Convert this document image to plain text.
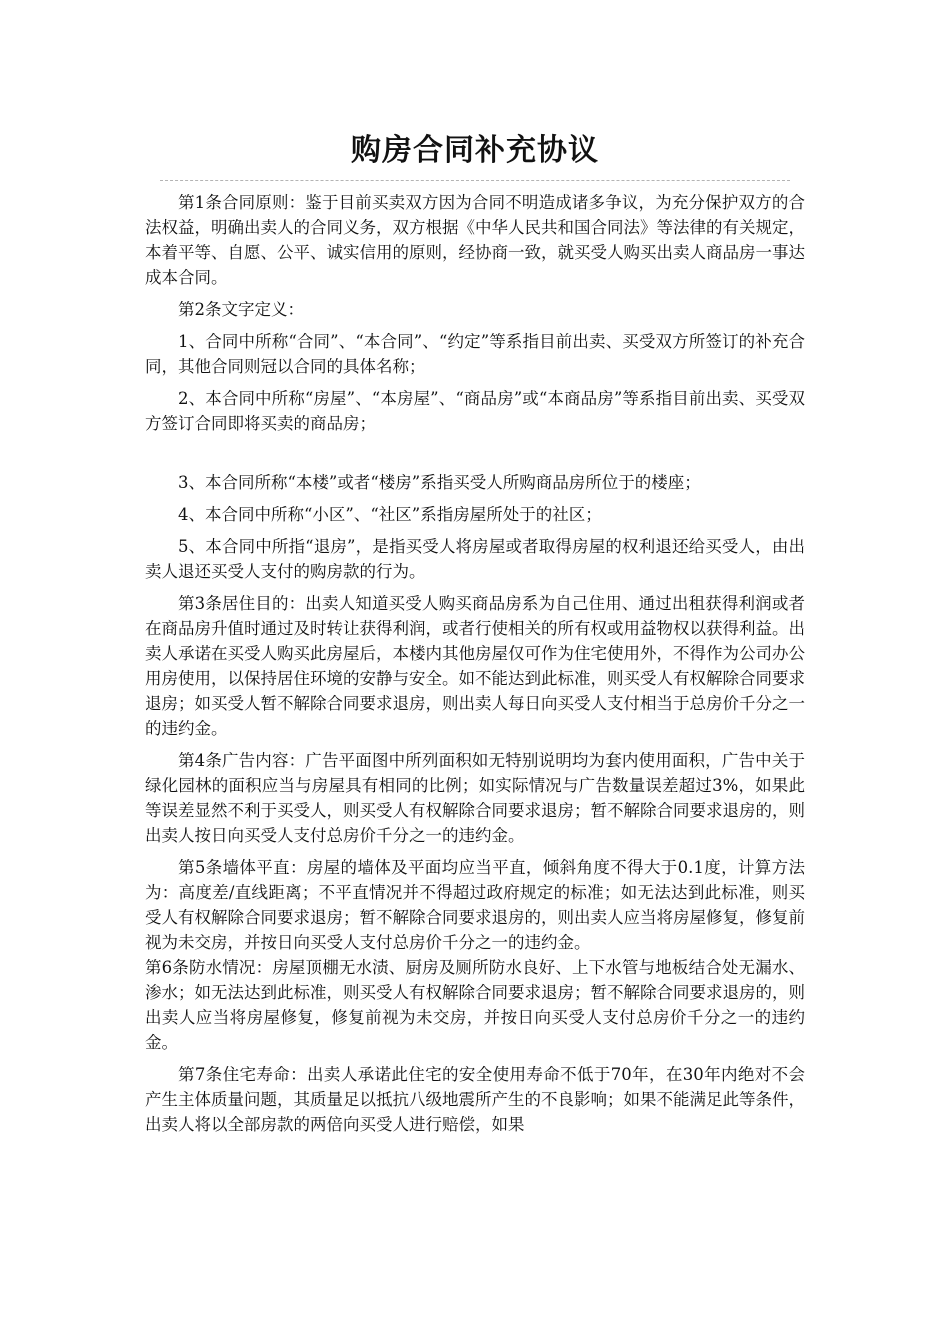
购房合同补充协议

第1条合同原则：鉴于目前买卖双方因为合同不明造成诸多争议，为充分保护双方的合法权益，明确出卖人的合同义务，双方根据《中华人民共和国合同法》等法律的有关规定，本着平等、自愿、公平、诚实信用的原则，经协商一致，就买受人购买出卖人商品房一事达成本合同。

第2条文字定义：

1、合同中所称“合同”、“本合同”、“约定”等系指目前出卖、买受双方所签订的补充合同，其他合同则冠以合同的具体名称；

2、本合同中所称“房屋”、“本房屋”、“商品房”或“本商品房”等系指目前出卖、买受双方签订合同即将买卖的商品房；

3、本合同所称“本楼”或者“楼房”系指买受人所购商品房所位于的楼座；

4、本合同中所称“小区”、“社区”系指房屋所处于的社区；

5、本合同中所指“退房”，是指买受人将房屋或者取得房屋的权利退还给买受人，由出卖人退还买受人支付的购房款的行为。

第3条居住目的：出卖人知道买受人购买商品房系为自己住用、通过出租获得利润或者在商品房升值时通过及时转让获得利润，或者行使相关的所有权或用益物权以获得利益。出卖人承诺在买受人购买此房屋后，本楼内其他房屋仅可作为住宅使用外，不得作为公司办公用房使用，以保持居住环境的安静与安全。如不能达到此标准，则买受人有权解除合同要求退房；如买受人暂不解除合同要求退房，则出卖人每日向买受人支付相当于总房价千分之一的违约金。

第4条广告内容：广告平面图中所列面积如无特别说明均为套内使用面积，广告中关于绿化园林的面积应当与房屋具有相同的比例；如实际情况与广告数量误差超过3%，如果此等误差显然不利于买受人，则买受人有权解除合同要求退房；暂不解除合同要求退房的，则出卖人按日向买受人支付总房价千分之一的违约金。

第5条墙体平直：房屋的墙体及平面均应当平直，倾斜角度不得大于0.1度，计算方法为：高度差/直线距离；不平直情况并不得超过政府规定的标准；如无法达到此标准，则买受人有权解除合同要求退房；暂不解除合同要求退房的，则出卖人应当将房屋修复，修复前视为未交房，并按日向买受人支付总房价千分之一的违约金。

第6条防水情况：房屋顶棚无水渍、厨房及厕所防水良好、上下水管与地板结合处无漏水、渗水；如无法达到此标准，则买受人有权解除合同要求退房；暂不解除合同要求退房的，则出卖人应当将房屋修复，修复前视为未交房，并按日向买受人支付总房价千分之一的违约金。

第7条住宅寿命：出卖人承诺此住宅的安全使用寿命不低于70年，在30年内绝对不会产生主体质量问题，其质量足以抵抗八级地震所产生的不良影响；如果不能满足此等条件，出卖人将以全部房款的两倍向买受人进行赔偿，如果
